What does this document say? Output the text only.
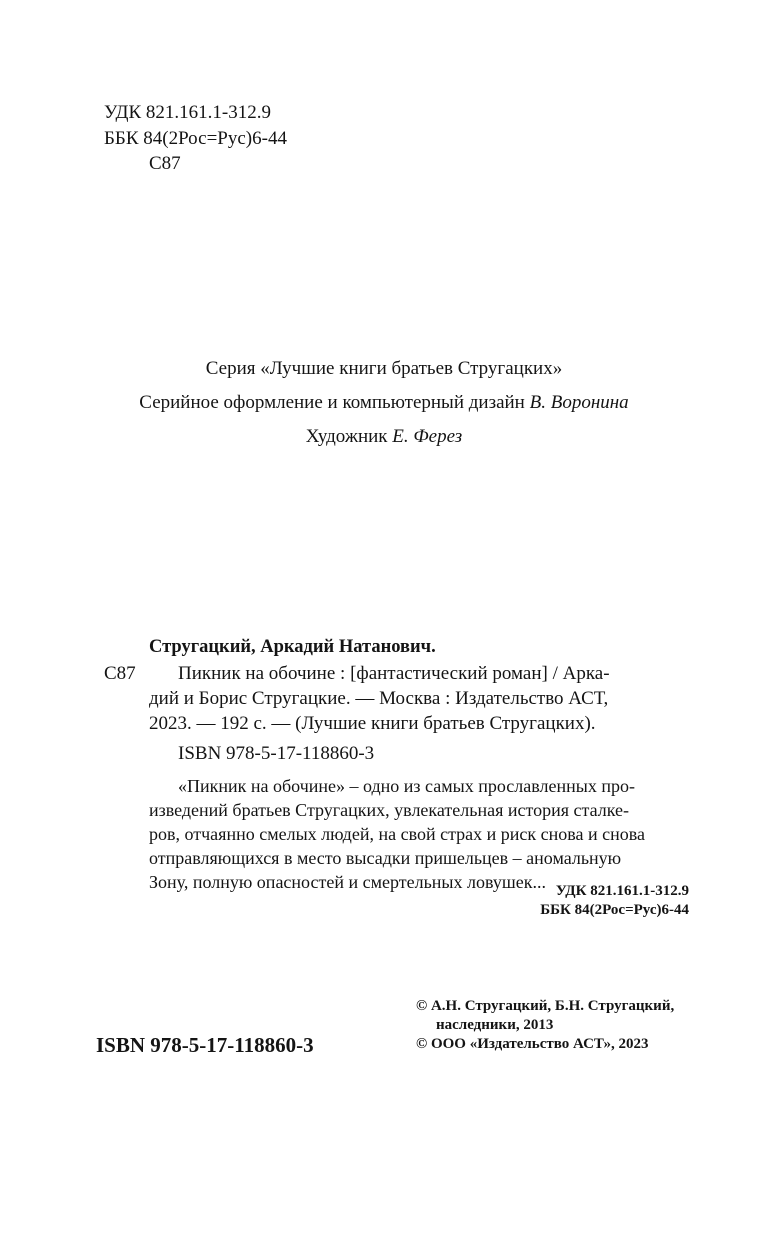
УДК 821.161.1-312.9
ББК 84(2Рос=Рус)6-44
С87
Серия «Лучшие книги братьев Стругацких»
Серийное оформление и компьютерный дизайн В. Воронина
Художник Е. Ферез
Стругацкий, Аркадий Натанович.
С87 Пикник на обочине : [фантастический роман] / Арка-
дий и Борис Стругацкие. — Москва : Издательство АСТ,
2023. — 192 с. — (Лучшие книги братьев Стругацких).
ISBN 978-5-17-118860-3
«Пикник на обочине» – одно из самых прославленных про-
изведений братьев Стругацких, увлекательная история сталке-
ров, отчаянно смелых людей, на свой страх и риск снова и снова
отправляющихся в место высадки пришельцев – аномальную
Зону, полную опасностей и смертельных ловушек... УДК 821.161.1-312.9
ББК 84(2Рос=Рус)6-44
© А.Н. Стругацкий, Б.Н. Стругацкий,
наследники, 2013
ISBN 978-5-17-118860-3	© ООО «Издательство АСТ», 2023
